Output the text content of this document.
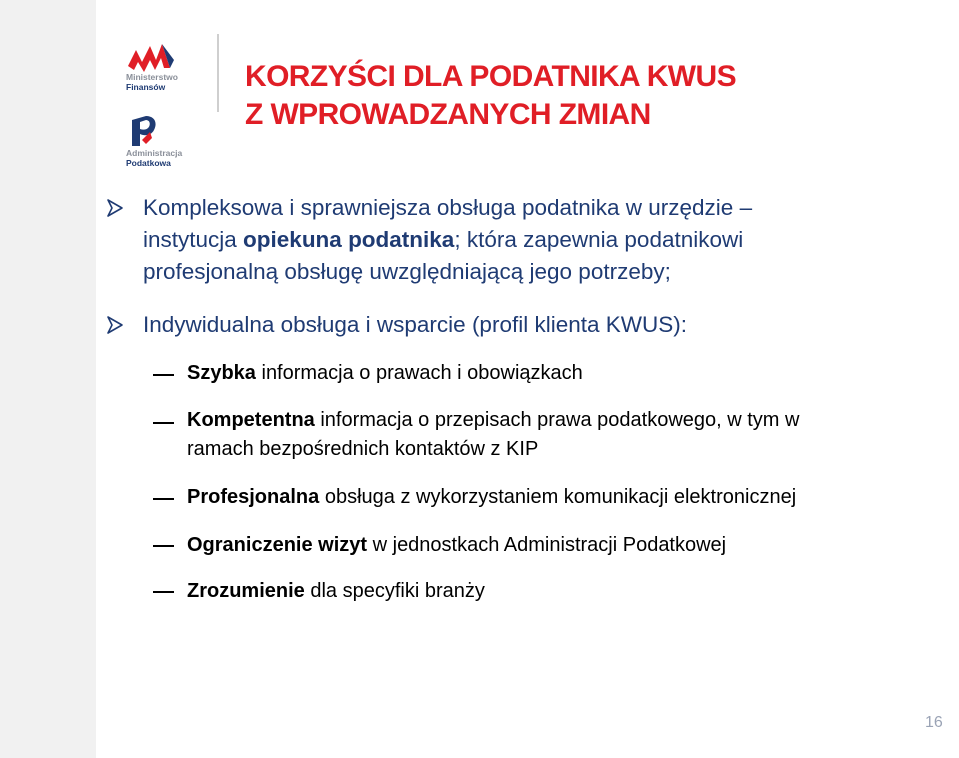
Ministerstwo
Finansów
Administracja
Podatkowa
KORZYŚCI DLA PODATNIKA KWUS
Z WPROWADZANYCH ZMIAN
Kompleksowa i sprawniejsza obsługa podatnika w urzędzie –
instytucja opiekuna podatnika; która zapewnia podatnikowi
profesjonalną obsługę uwzględniającą jego potrzeby;
Indywidualna obsługa i wsparcie (profil klienta KWUS):
Szybka informacja o prawach i obowiązkach
Kompetentna informacja o przepisach prawa podatkowego, w tym w
ramach bezpośrednich kontaktów z KIP
Profesjonalna obsługa z wykorzystaniem komunikacji elektronicznej
Ograniczenie wizyt w jednostkach Administracji Podatkowej
Zrozumienie dla specyfiki branży
16
